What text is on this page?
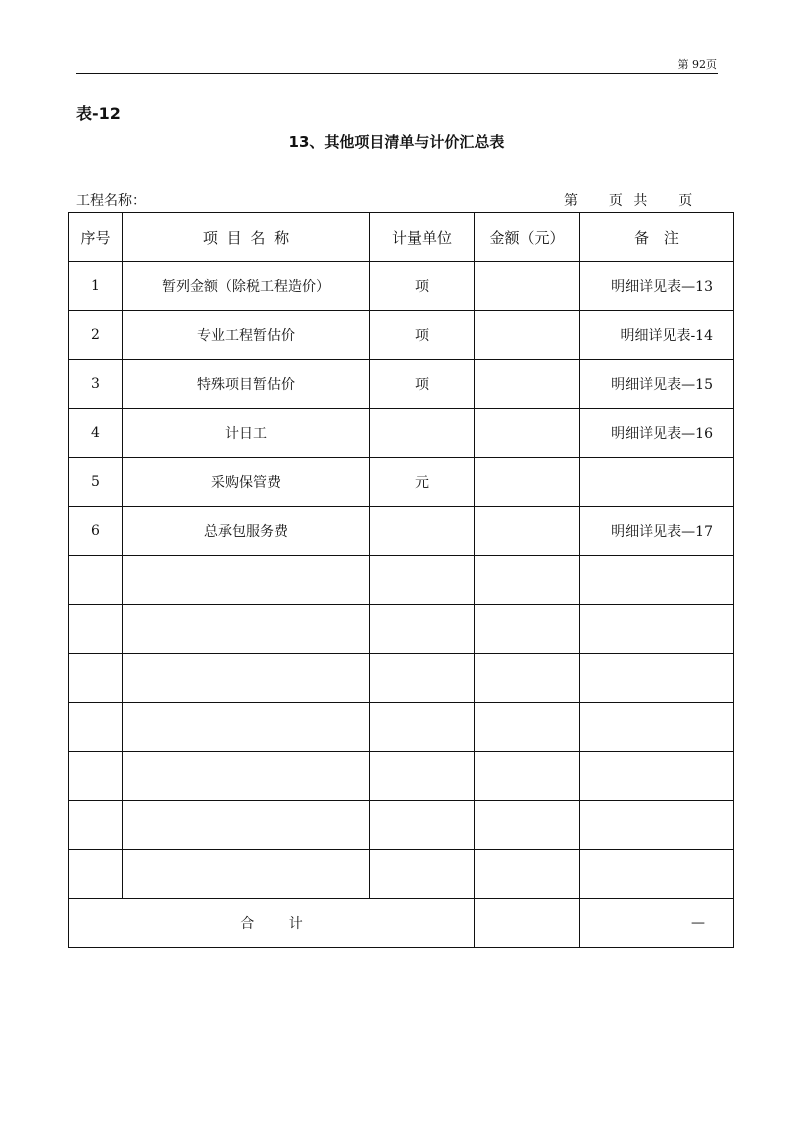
第 92页
表-12
13、其他项目清单与计价汇总表
工程名称：	第 页 共 页
序号	项 目 名 称	计量单位	金额（元）	备 注
1	暂列金额（除税工程造价）	项		明细详见表—13
2	专业工程暂估价	项		明细详见表-14
3	特殊项目暂估价	项		明细详见表—15
4	计日工			明细详见表—16
5	采购保管费	元		
6	总承包服务费			明细详见表—17

合 计				—
